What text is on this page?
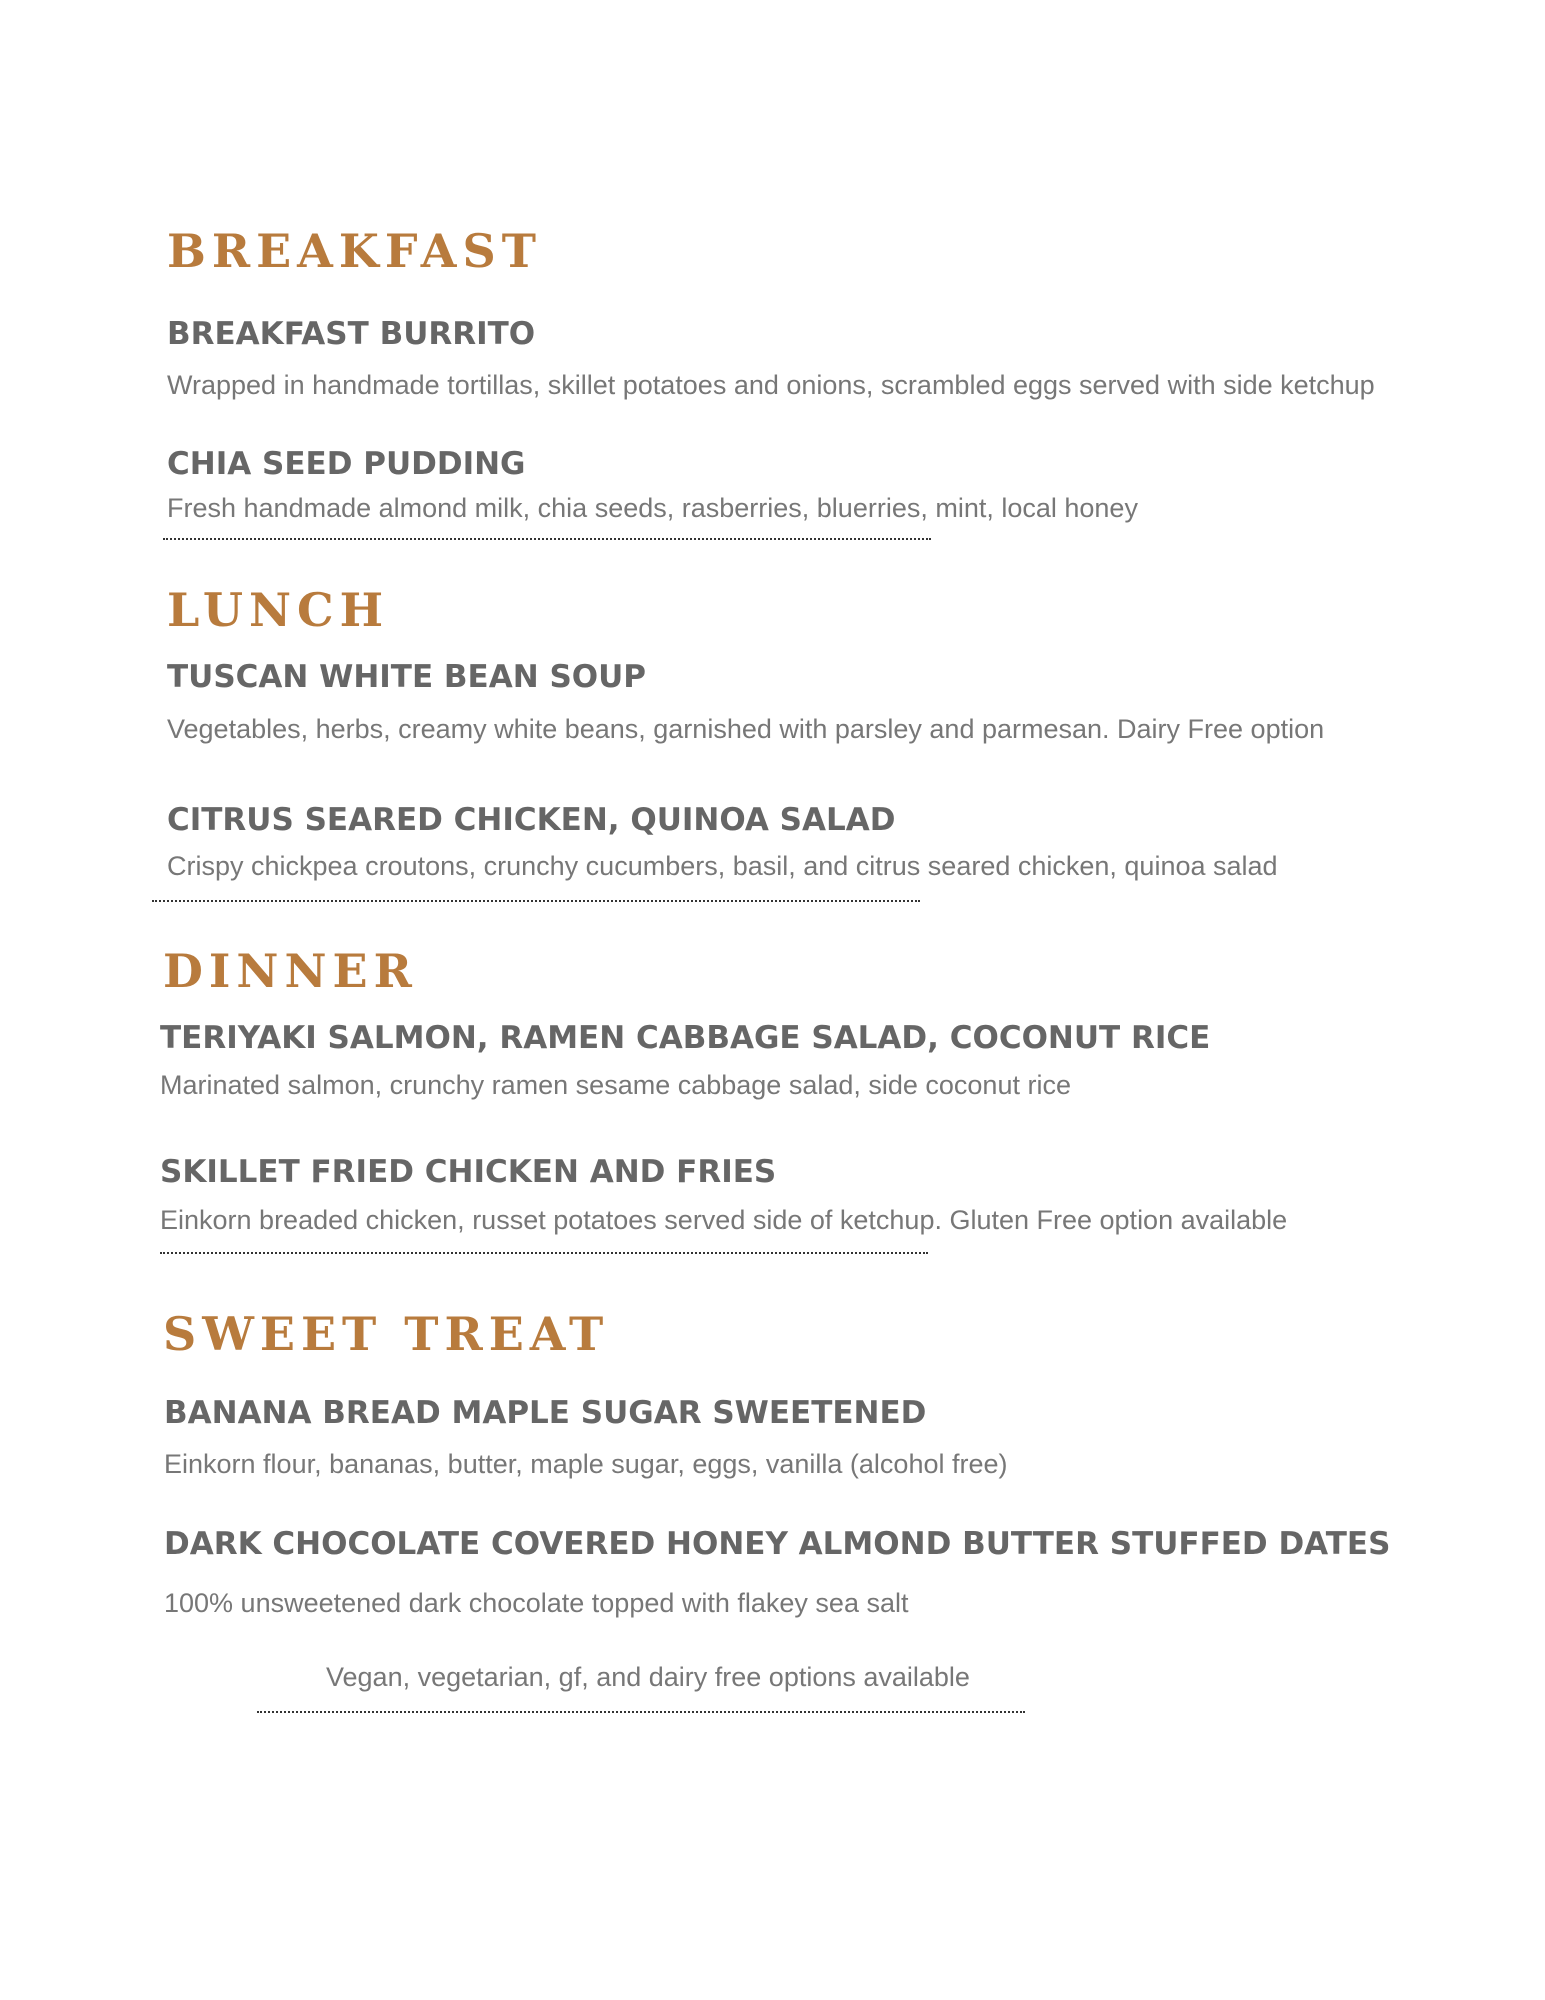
BREAKFAST
BREAKFAST BURRITO

Wrapped in handmade tortillas, skillet potatoes and onions, scrambled eggs served with side ketchup

CHIA SEED PUDDING

Fresh handmade almond milk, chia seeds, rasberries, bluerries, mint, local honey

LUNCH
TUSCAN WHITE BEAN SOUP

Vegetables, herbs, creamy white beans, garnished with parsley and parmesan. Dairy Free option

CITRUS SEARED CHICKEN, QUINOA SALAD

Crispy chickpea croutons, crunchy cucumbers, basil, and citrus seared chicken, quinoa salad

DINNER
TERIYAKI SALMON, RAMEN CABBAGE SALAD, COCONUT RICE

Marinated salmon, crunchy ramen sesame cabbage salad, side coconut rice

SKILLET FRIED CHICKEN AND FRIES

Einkorn breaded chicken, russet potatoes served side of ketchup. Gluten Free option available

SWEET TREAT
BANANA BREAD MAPLE SUGAR SWEETENED

Einkorn flour, bananas, butter, maple sugar, eggs, vanilla (alcohol free)

DARK CHOCOLATE COVERED HONEY ALMOND BUTTER STUFFED DATES

100% unsweetened dark chocolate topped with flakey sea salt

Vegan, vegetarian, gf, and dairy free options available
